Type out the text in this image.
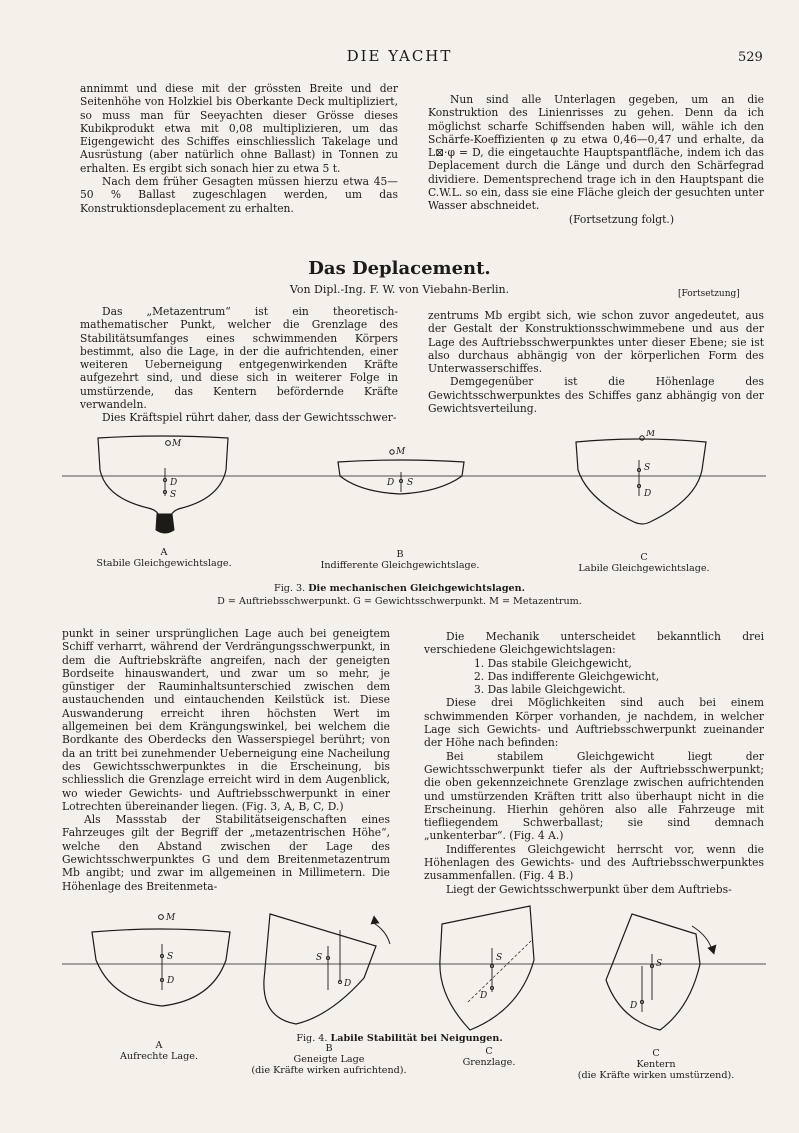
DIE YACHT	529

annimmt und diese mit der grössten Breite und der Seitenhöhe von Holzkiel bis Oberkante Deck multipliziert, so muss man für Seeyachten dieser Grösse dieses Kubikprodukt etwa mit 0,08 multiplizieren, um das Eigengewicht des Schiffes einschliesslich Takelage und Ausrüstung (aber natürlich ohne Ballast) in Tonnen zu erhalten. Es ergibt sich sonach hier zu etwa 5 t.

Nach dem früher Gesagten müssen hierzu etwa 45—50 % Ballast zugeschlagen werden, um das Konstruktionsdeplacement zu erhalten.

Nun sind alle Unterlagen gegeben, um an die Konstruktion des Linienrisses zu gehen. Denn da ich möglichst scharfe Schiffsenden haben will, wähle ich den Schärfe-Koeffizienten φ zu etwa 0,46—0,47 und erhalte, da L⊠·φ = D, die eingetauchte Hauptspantfläche, indem ich das Deplacement durch die Länge und durch den Schärfegrad dividiere. Dementsprechend trage ich in den Hauptspant die C.W.L. so ein, dass sie eine Fläche gleich der gesuchten unter Wasser abschneidet.

(Fortsetzung folgt.)

Das Deplacement.
Von Dipl.-Ing. F. W. von Viebahn-Berlin.	[Fortsetzung]

Das „Metazentrum“ ist ein theoretisch-mathematischer Punkt, welcher die Grenzlage des Stabilitätsumfanges eines schwimmenden Körpers bestimmt, also die Lage, in der die aufrichtenden, einer weiteren Ueberneigung entgegenwirkenden Kräfte aufgezehrt sind, und diese sich in weiterer Folge in umstürzende, das Kentern befördernde Kräfte verwandeln.

Dies Kräftspiel rührt daher, dass der Gewichtsschwer-

zentrums Mb ergibt sich, wie schon zuvor angedeutet, aus der Gestalt der Konstruktionsschwimmebene und aus der Lage des Auftriebsschwerpunktes unter dieser Ebene; sie ist also durchaus abhängig von der körperlichen Form des Unterwasserschiffes.

Demgegenüber ist die Höhenlage des Gewichtsschwerpunktes des Schiffes ganz abhängig von der Gewichtsverteilung.

M
D
S
M
D S
M
S
D
A
Stabile Gleichgewichtslage.
B
Indifferente Gleichgewichtslage.
C
Labile Gleichgewichtslage.
Fig. 3. Die mechanischen Gleichgewichtslagen.
D = Auftriebsschwerpunkt. G = Gewichtsschwerpunkt. M = Metazentrum.

punkt in seiner ursprünglichen Lage auch bei geneigtem Schiff verharrt, während der Verdrängungsschwerpunkt, in dem die Auftriebskräfte angreifen, nach der geneigten Bordseite hinauswandert, und zwar um so mehr, je günstiger der Rauminhaltsunterschied zwischen dem austauchenden und eintauchenden Keilstück ist. Diese Auswanderung erreicht ihren höchsten Wert im allgemeinen bei dem Krängungswinkel, bei welchem die Bordkante des Oberdecks den Wasserspiegel berührt; von da an tritt bei zunehmender Ueberneigung eine Nacheilung des Gewichtsschwerpunktes in die Erscheinung, bis schliesslich die Grenzlage erreicht wird in dem Augenblick, wo wieder Gewichts- und Auftriebsschwerpunkt in einer Lotrechten übereinander liegen. (Fig. 3, A, B, C, D.)

Als Massstab der Stabilitätseigenschaften eines Fahrzeuges gilt der Begriff der „metazentrischen Höhe“, welche den Abstand zwischen der Lage des Gewichtsschwerpunktes G und dem Breitenmetazentrum Mb angibt; und zwar im allgemeinen in Millimetern. Die Höhenlage des Breitenmeta-

Die Mechanik unterscheidet bekanntlich drei verschiedene Gleichgewichtslagen:

1. Das stabile Gleichgewicht,
2. Das indifferente Gleichgewicht,
3. Das labile Gleichgewicht.

Diese drei Möglichkeiten sind auch bei einem schwimmenden Körper vorhanden, je nachdem, in welcher Lage sich Gewichts- und Auftriebsschwerpunkt zueinander der Höhe nach befinden:

Bei stabilem Gleichgewicht liegt der Gewichtsschwerpunkt tiefer als der Auftriebsschwerpunkt; die oben gekennzeichnete Grenzlage zwischen aufrichtenden und umstürzenden Kräften tritt also überhaupt nicht in die Erscheinung. Hierhin gehören also alle Fahrzeuge mit tiefliegendem Schwerballast; sie sind demnach „unkenterbar“. (Fig. 4 A.)

Indifferentes Gleichgewicht herrscht vor, wenn die Höhenlagen des Gewichts- und des Auftriebsschwerpunktes zusammenfallen. (Fig. 4 B.)

Liegt der Gewichtsschwerpunkt über dem Auftriebs-

M
S
D
S
D
S
D
S
D
Fig. 4. Labile Stabilität bei Neigungen.
A
Aufrechte Lage.
B
Geneigte Lage
(die Kräfte wirken aufrichtend).
C
Grenzlage.
C
Kentern
(die Kräfte wirken umstürzend).
